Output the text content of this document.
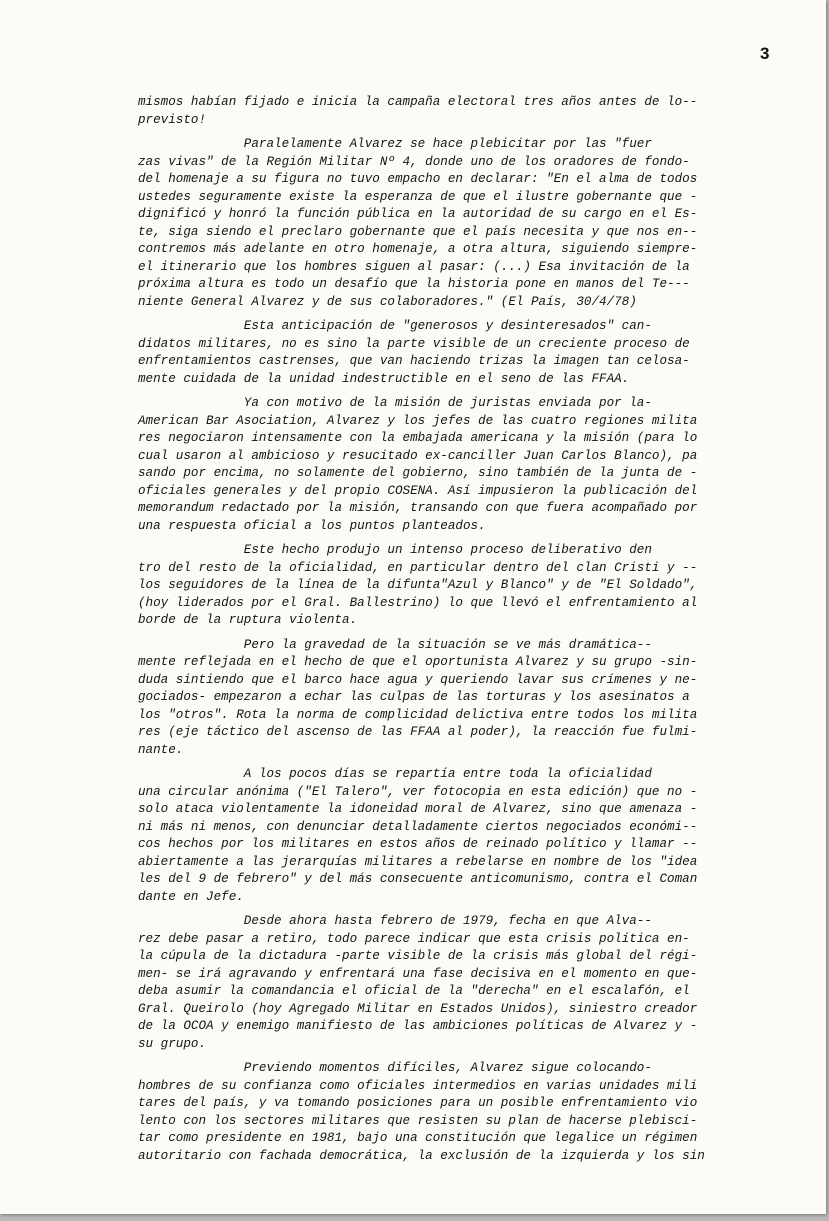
3
mismos habían fijado e inicia la campaña electoral tres años antes de lo--
previsto!
Paralelamente Alvarez se hace plebicitar por las "fuer
zas vivas" de la Región Militar Nº 4, donde uno de los oradores de fondo-
del homenaje a su figura no tuvo empacho en declarar: "En el alma de todos
ustedes seguramente existe la esperanza de que el ilustre gobernante que -
dignificó y honró la función pública en la autoridad de su cargo en el Es-
te, siga siendo el preclaro gobernante que el país necesita y que nos en--
contremos más adelante en otro homenaje, a otra altura, siguiendo siempre-
el itinerario que los hombres siguen al pasar: (...) Esa invitación de la
próxima altura es todo un desafío que la historia pone en manos del Te---
niente General Alvarez y de sus colaboradores." (El País, 30/4/78)
Esta anticipación de "generosos y desinteresados" can-
didatos militares, no es sino la parte visible de un creciente proceso de
enfrentamientos castrenses, que van haciendo trizas la imagen tan celosa-
mente cuidada de la unidad indestructible en el seno de las FFAA.
Ya con motivo de la misión de juristas enviada por la-
American Bar Asociation, Alvarez y los jefes de las cuatro regiones milita
res negociaron intensamente con la embajada americana y la misión (para lo
cual usaron al ambicioso y resucitado ex-canciller Juan Carlos Blanco), pa
sando por encima, no solamente del gobierno, sino también de la junta de -
oficiales generales y del propio COSENA. Así impusieron la publicación del
memorandum redactado por la misión, transando con que fuera acompañado por
una respuesta oficial a los puntos planteados.
Este hecho produjo un intenso proceso deliberativo den
tro del resto de la oficialidad, en particular dentro del clan Cristi y --
los seguidores de la línea de la difunta"Azul y Blanco" y de "El Soldado",
(hoy liderados por el Gral. Ballestrino) lo que llevó el enfrentamiento al
borde de la ruptura violenta.
Pero la gravedad de la situación se ve más dramática--
mente reflejada en el hecho de que el oportunista Alvarez y su grupo -sin-
duda sintiendo que el barco hace agua y queriendo lavar sus crímenes y ne-
gociados- empezaron a echar las culpas de las torturas y los asesinatos a
los "otros". Rota la norma de complicidad delictiva entre todos los milita
res (eje táctico del ascenso de las FFAA al poder), la reacción fue fulmi-
nante.
A los pocos días se repartía entre toda la oficialidad
una circular anónima ("El Talero", ver fotocopia en esta edición) que no -
solo ataca violentamente la idoneidad moral de Alvarez, sino que amenaza -
ni más ni menos, con denunciar detalladamente ciertos negociados económi--
cos hechos por los militares en estos años de reinado político y llamar --
abiertamente a las jerarquías militares a rebelarse en nombre de los "idea
les del 9 de febrero" y del más consecuente anticomunismo, contra el Coman
dante en Jefe.
Desde ahora hasta febrero de 1979, fecha en que Alva--
rez debe pasar a retiro, todo parece indicar que esta crisis política en-
la cúpula de la dictadura -parte visible de la crisis más global del régi-
men- se irá agravando y enfrentará una fase decisiva en el momento en que-
deba asumir la comandancia el oficial de la "derecha" en el escalafón, el
Gral. Queirolo (hoy Agregado Militar en Estados Unidos), siniestro creador
de la OCOA y enemigo manifiesto de las ambiciones políticas de Alvarez y -
su grupo.
Previendo momentos difíciles, Alvarez sigue colocando-
hombres de su confianza como oficiales intermedios en varias unidades mili
tares del país, y va tomando posiciones para un posible enfrentamiento vio
lento con los sectores militares que resisten su plan de hacerse plebisci-
tar como presidente en 1981, bajo una constitución que legalice un régimen
autoritario con fachada democrática, la exclusión de la izquierda y los sin
